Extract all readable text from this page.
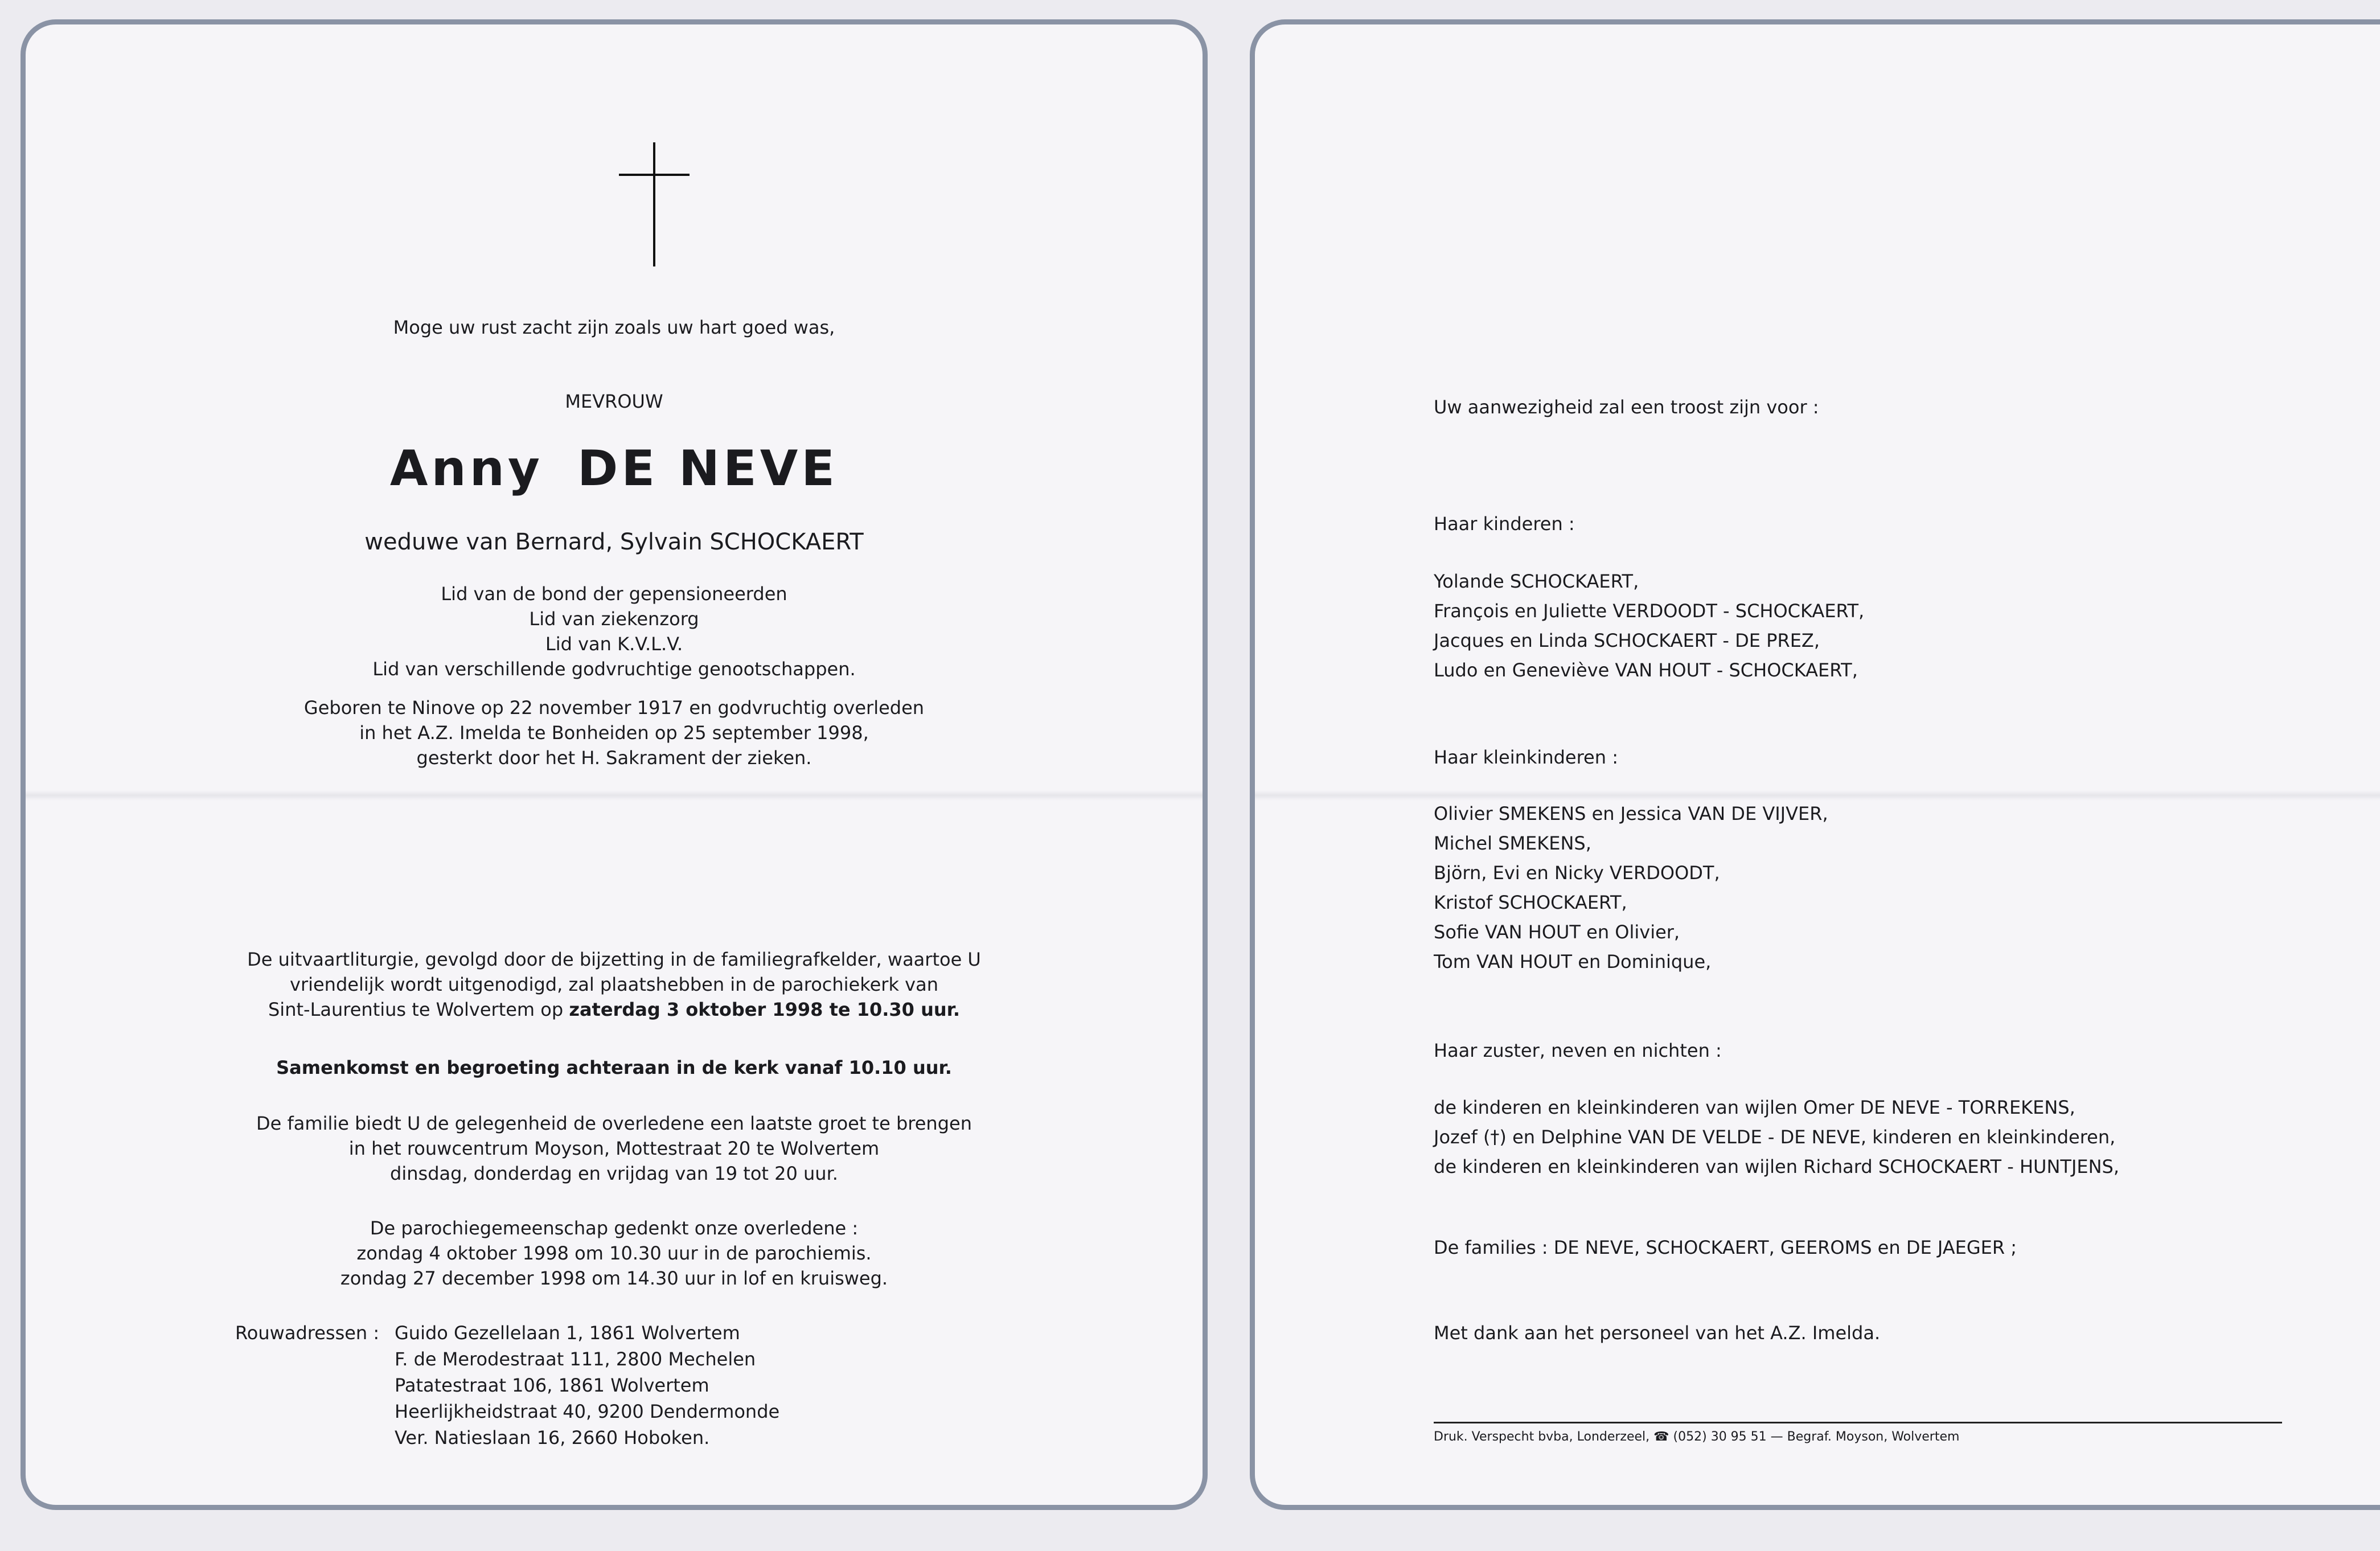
Moge uw rust zacht zijn zoals uw hart goed was,
MEVROUW
Anny DE NEVE
weduwe van Bernard, Sylvain SCHOCKAERT
Lid van de bond der gepensioneerden
Lid van ziekenzorg
Lid van K.V.L.V.
Lid van verschillende godvruchtige genootschappen.
Geboren te Ninove op 22 november 1917 en godvruchtig overleden
in het A.Z. Imelda te Bonheiden op 25 september 1998,
gesterkt door het H. Sakrament der zieken.
De uitvaartliturgie, gevolgd door de bijzetting in de familiegrafkelder, waartoe U
vriendelijk wordt uitgenodigd, zal plaatshebben in de parochiekerk van
Sint-Laurentius te Wolvertem op zaterdag 3 oktober 1998 te 10.30 uur.
Samenkomst en begroeting achteraan in de kerk vanaf 10.10 uur.
De familie biedt U de gelegenheid de overledene een laatste groet te brengen
in het rouwcentrum Moyson, Mottestraat 20 te Wolvertem
dinsdag, donderdag en vrijdag van 19 tot 20 uur.
De parochiegemeenschap gedenkt onze overledene :
zondag 4 oktober 1998 om 10.30 uur in de parochiemis.
zondag 27 december 1998 om 14.30 uur in lof en kruisweg.
Rouwadressen : Guido Gezellelaan 1, 1861 Wolvertem
F. de Merodestraat 111, 2800 Mechelen
Patatestraat 106, 1861 Wolvertem
Heerlijkheidstraat 40, 9200 Dendermonde
Ver. Natieslaan 16, 2660 Hoboken.
Uw aanwezigheid zal een troost zijn voor :
Haar kinderen :
Yolande SCHOCKAERT,
François en Juliette VERDOODT - SCHOCKAERT,
Jacques en Linda SCHOCKAERT - DE PREZ,
Ludo en Geneviève VAN HOUT - SCHOCKAERT,
Haar kleinkinderen :
Olivier SMEKENS en Jessica VAN DE VIJVER,
Michel SMEKENS,
Björn, Evi en Nicky VERDOODT,
Kristof SCHOCKAERT,
Sofie VAN HOUT en Olivier,
Tom VAN HOUT en Dominique,
Haar zuster, neven en nichten :
de kinderen en kleinkinderen van wijlen Omer DE NEVE - TORREKENS,
Jozef (†) en Delphine VAN DE VELDE - DE NEVE, kinderen en kleinkinderen,
de kinderen en kleinkinderen van wijlen Richard SCHOCKAERT - HUNTJENS,
De families : DE NEVE, SCHOCKAERT, GEEROMS en DE JAEGER ;
Met dank aan het personeel van het A.Z. Imelda.
Druk. Verspecht bvba, Londerzeel, ☎ (052) 30 95 51 — Begraf. Moyson, Wolvertem
